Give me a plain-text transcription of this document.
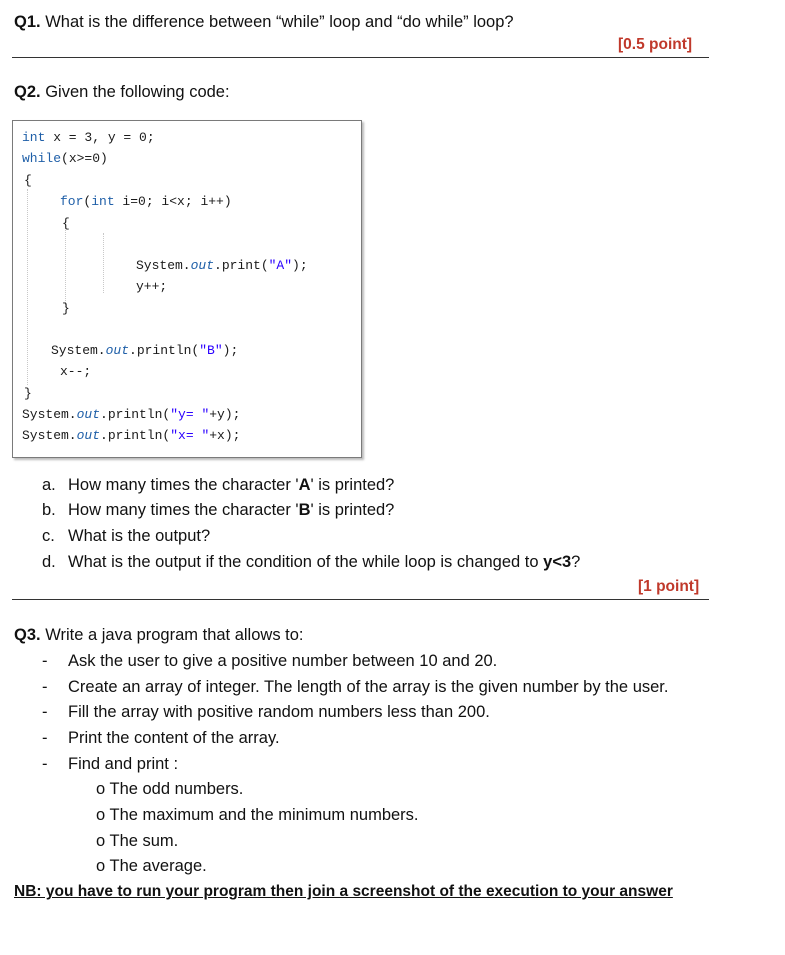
Q1. What is the difference between “while” loop and “do while” loop?
[0.5 point]
Q2. Given the following code:
int x = 3, y = 0;
while(x>=0)
{
for(int i=0; i<x; i++)
{
System.out.print("A");
y++;
}
System.out.println("B");
x--;
}
System.out.println("y= "+y);
System.out.println("x= "+x);
a. How many times the character 'A' is printed?
b. How many times the character 'B' is printed?
c. What is the output?
d. What is the output if the condition of the while loop is changed to y<3?
[1 point]
Q3. Write a java program that allows to:
- Ask the user to give a positive number between 10 and 20.
- Create an array of integer. The length of the array is the given number by the user.
- Fill the array with positive random numbers less than 200.
- Print the content of the array.
- Find and print :
o The odd numbers.
o The maximum and the minimum numbers.
o The sum.
o The average.
NB: you have to run your program then join a screenshot of the execution to your answer
